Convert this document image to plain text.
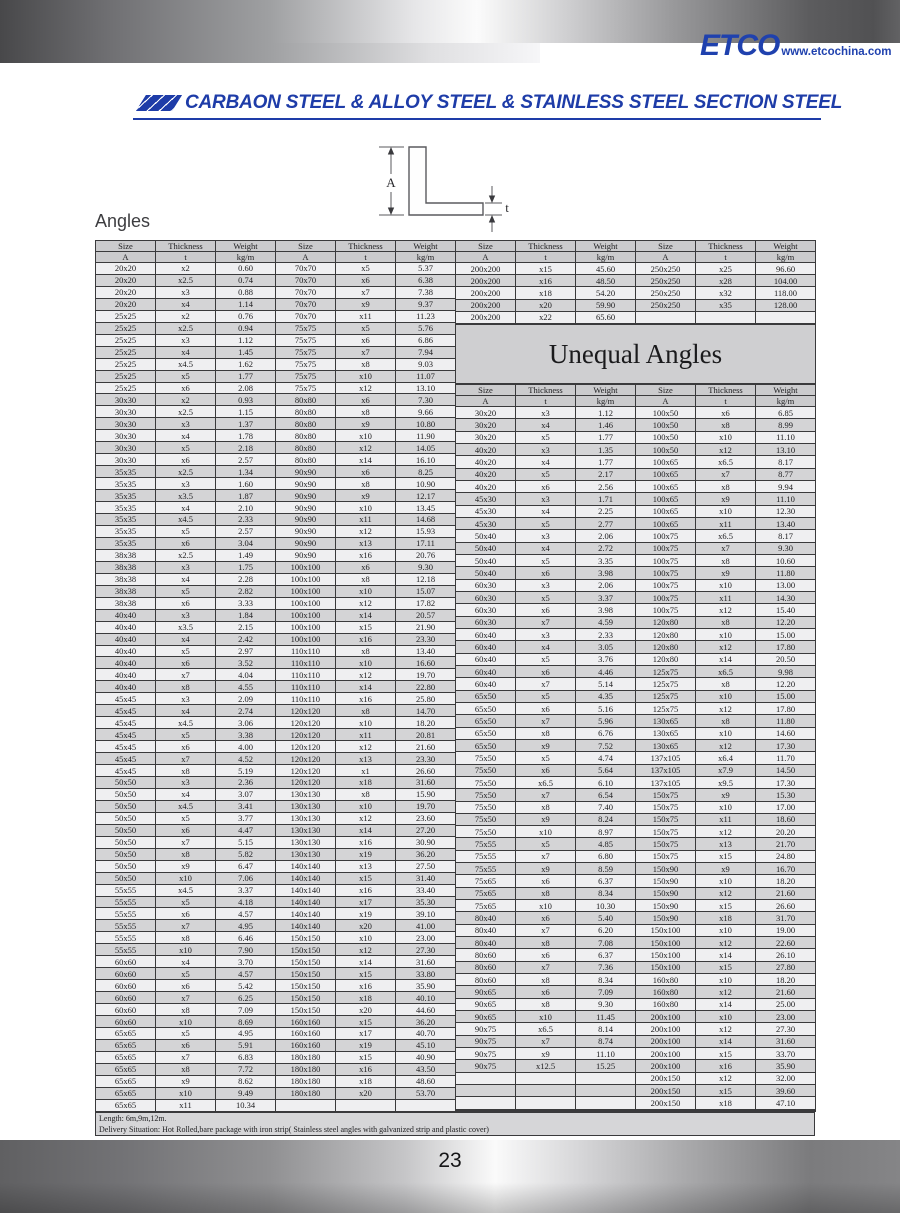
ETCO www.etcochina.com
CARBAON STEEL & ALLOY STEEL & STAINLESS STEEL SECTION STEEL
A
t
Angles
Size	Thickness	Weight	Size	Thickness	Weight
A	t	kg/m	A	t	kg/m
20x20	x2	0.60	70x70	x5	5.37
20x20	x2.5	0.74	70x70	x6	6.38
20x20	x3	0.88	70x70	x7	7.38
20x20	x4	1.14	70x70	x9	9.37
25x25	x2	0.76	70x70	x11	11.23
25x25	x2.5	0.94	75x75	x5	5.76
25x25	x3	1.12	75x75	x6	6.86
25x25	x4	1.45	75x75	x7	7.94
25x25	x4.5	1.62	75x75	x8	9.03
25x25	x5	1.77	75x75	x10	11.07
25x25	x6	2.08	75x75	x12	13.10
30x30	x2	0.93	80x80	x6	7.30
30x30	x2.5	1.15	80x80	x8	9.66
30x30	x3	1.37	80x80	x9	10.80
30x30	x4	1.78	80x80	x10	11.90
30x30	x5	2.18	80x80	x12	14.05
30x30	x6	2.57	80x80	x14	16.10
35x35	x2.5	1.34	90x90	x6	8.25
35x35	x3	1.60	90x90	x8	10.90
35x35	x3.5	1.87	90x90	x9	12.17
35x35	x4	2.10	90x90	x10	13.45
35x35	x4.5	2.33	90x90	x11	14.68
35x35	x5	2.57	90x90	x12	15.93
35x35	x6	3.04	90x90	x13	17.11
38x38	x2.5	1.49	90x90	x16	20.76
38x38	x3	1.75	100x100	x6	9.30
38x38	x4	2.28	100x100	x8	12.18
38x38	x5	2.82	100x100	x10	15.07
38x38	x6	3.33	100x100	x12	17.82
40x40	x3	1.84	100x100	x14	20.57
40x40	x3.5	2.15	100x100	x15	21.90
40x40	x4	2.42	100x100	x16	23.30
40x40	x5	2.97	110x110	x8	13.40
40x40	x6	3.52	110x110	x10	16.60
40x40	x7	4.04	110x110	x12	19.70
40x40	x8	4.55	110x110	x14	22.80
45x45	x3	2.09	110x110	x16	25.80
45x45	x4	2.74	120x120	x8	14.70
45x45	x4.5	3.06	120x120	x10	18.20
45x45	x5	3.38	120x120	x11	20.81
45x45	x6	4.00	120x120	x12	21.60
45x45	x7	4.52	120x120	x13	23.30
45x45	x8	5.19	120x120	x1	26.60
50x50	x3	2.36	120x120	x18	31.60
50x50	x4	3.07	130x130	x8	15.90
50x50	x4.5	3.41	130x130	x10	19.70
50x50	x5	3.77	130x130	x12	23.60
50x50	x6	4.47	130x130	x14	27.20
50x50	x7	5.15	130x130	x16	30.90
50x50	x8	5.82	130x130	x19	36.20
50x50	x9	6.47	140x140	x13	27.50
50x50	x10	7.06	140x140	x15	31.40
55x55	x4.5	3.37	140x140	x16	33.40
55x55	x5	4.18	140x140	x17	35.30
55x55	x6	4.57	140x140	x19	39.10
55x55	x7	4.95	140x140	x20	41.00
55x55	x8	6.46	150x150	x10	23.00
55x55	x10	7.90	150x150	x12	27.30
60x60	x4	3.70	150x150	x14	31.60
60x60	x5	4.57	150x150	x15	33.80
60x60	x6	5.42	150x150	x16	35.90
60x60	x7	6.25	150x150	x18	40.10
60x60	x8	7.09	150x150	x20	44.60
60x60	x10	8.69	160x160	x15	36.20
65x65	x5	4.95	160x160	x17	40.70
65x65	x6	5.91	160x160	x19	45.10
65x65	x7	6.83	180x180	x15	40.90
65x65	x8	7.72	180x180	x16	43.50
65x65	x9	8.62	180x180	x18	48.60
65x65	x10	9.49	180x180	x20	53.70
65x65	x11	10.34			
Size	Thickness	Weight	Size	Thickness	Weight
A	t	kg/m	A	t	kg/m
200x200	x15	45.60	250x250	x25	96.60
200x200	x16	48.50	250x250	x28	104.00
200x200	x18	54.20	250x250	x32	118.00
200x200	x20	59.90	250x250	x35	128.00
200x200	x22	65.60			
Unequal Angles
Size	Thickness	Weight	Size	Thickness	Weight
A	t	kg/m	A	t	kg/m
30x20	x3	1.12	100x50	x6	6.85
30x20	x4	1.46	100x50	x8	8.99
30x20	x5	1.77	100x50	x10	11.10
40x20	x3	1.35	100x50	x12	13.10
40x20	x4	1.77	100x65	x6.5	8.17
40x20	x5	2.17	100x65	x7	8.77
40x20	x6	2.56	100x65	x8	9.94
45x30	x3	1.71	100x65	x9	11.10
45x30	x4	2.25	100x65	x10	12.30
45x30	x5	2.77	100x65	x11	13.40
50x40	x3	2.06	100x75	x6.5	8.17
50x40	x4	2.72	100x75	x7	9.30
50x40	x5	3.35	100x75	x8	10.60
50x40	x6	3.98	100x75	x9	11.80
60x30	x3	2.06	100x75	x10	13.00
60x30	x5	3.37	100x75	x11	14.30
60x30	x6	3.98	100x75	x12	15.40
60x30	x7	4.59	120x80	x8	12.20
60x40	x3	2.33	120x80	x10	15.00
60x40	x4	3.05	120x80	x12	17.80
60x40	x5	3.76	120x80	x14	20.50
60x40	x6	4.46	125x75	x6.5	9.98
60x40	x7	5.14	125x75	x8	12.20
65x50	x5	4.35	125x75	x10	15.00
65x50	x6	5.16	125x75	x12	17.80
65x50	x7	5.96	130x65	x8	11.80
65x50	x8	6.76	130x65	x10	14.60
65x50	x9	7.52	130x65	x12	17.30
75x50	x5	4.74	137x105	x6.4	11.70
75x50	x6	5.64	137x105	x7.9	14.50
75x50	x6.5	6.10	137x105	x9.5	17.30
75x50	x7	6.54	150x75	x9	15.30
75x50	x8	7.40	150x75	x10	17.00
75x50	x9	8.24	150x75	x11	18.60
75x50	x10	8.97	150x75	x12	20.20
75x55	x5	4.85	150x75	x13	21.70
75x55	x7	6.80	150x75	x15	24.80
75x55	x9	8.59	150x90	x9	16.70
75x65	x6	6.37	150x90	x10	18.20
75x65	x8	8.34	150x90	x12	21.60
75x65	x10	10.30	150x90	x15	26.60
80x40	x6	5.40	150x90	x18	31.70
80x40	x7	6.20	150x100	x10	19.00
80x40	x8	7.08	150x100	x12	22.60
80x60	x6	6.37	150x100	x14	26.10
80x60	x7	7.36	150x100	x15	27.80
80x60	x8	8.34	160x80	x10	18.20
90x65	x6	7.09	160x80	x12	21.60
90x65	x8	9.30	160x80	x14	25.00
90x65	x10	11.45	200x100	x10	23.00
90x75	x6.5	8.14	200x100	x12	27.30
90x75	x7	8.74	200x100	x14	31.60
90x75	x9	11.10	200x100	x15	33.70
90x75	x12.5	15.25	200x100	x16	35.90
			200x150	x12	32.00
			200x150	x15	39.60
			200x150	x18	47.10

Length: 6m,9m,12m.
Delivery Situation: Hot Rolled,bare package with iron strip( Stainless steel angles with galvanized strip and plastic cover)
23
